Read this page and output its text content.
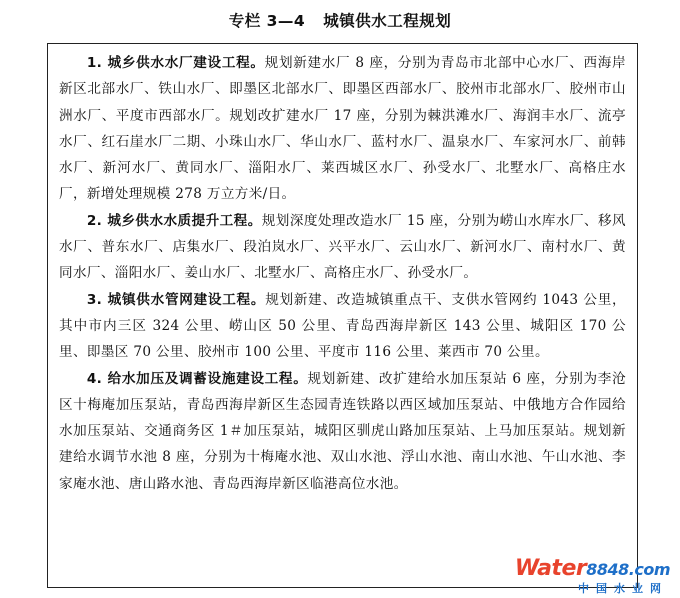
专栏 3—4 城镇供水工程规划

1. 城乡供水水厂建设工程。规划新建水厂 8 座，分别为青岛市北部中心水厂、西海岸新区北部水厂、铁山水厂、即墨区北部水厂、即墨区西部水厂、胶州市北部水厂、胶州市山洲水厂、平度市西部水厂。规划改扩建水厂 17 座，分别为棘洪滩水厂、海润丰水厂、流亭水厂、红石崖水厂二期、小珠山水厂、华山水厂、蓝村水厂、温泉水厂、车家河水厂、前韩水厂、新河水厂、黄同水厂、淄阳水厂、莱西城区水厂、孙受水厂、北墅水厂、高格庄水厂，新增处理规模 278 万立方米/日。

2. 城乡供水水质提升工程。规划深度处理改造水厂 15 座，分别为崂山水库水厂、移风水厂、普东水厂、店集水厂、段泊岚水厂、兴平水厂、云山水厂、新河水厂、南村水厂、黄同水厂、淄阳水厂、姜山水厂、北墅水厂、高格庄水厂、孙受水厂。

3. 城镇供水管网建设工程。规划新建、改造城镇重点干、支供水管网约 1043 公里，其中市内三区 324 公里、崂山区 50 公里、青岛西海岸新区 143 公里、城阳区 170 公里、即墨区 70 公里、胶州市 100 公里、平度市 116 公里、莱西市 70 公里。

4. 给水加压及调蓄设施建设工程。规划新建、改扩建给水加压泵站 6 座，分别为李沧区十梅庵加压泵站，青岛西海岸新区生态园青连铁路以西区域加压泵站、中俄地方合作园给水加压泵站、交通商务区 1＃加压泵站，城阳区驯虎山路加压泵站、上马加压泵站。规划新建给水调节水池 8 座，分别为十梅庵水池、双山水池、浮山水池、南山水池、午山水池、李家庵水池、唐山路水池、青岛西海岸新区临港高位水池。

Water8848.com
中国水业网
